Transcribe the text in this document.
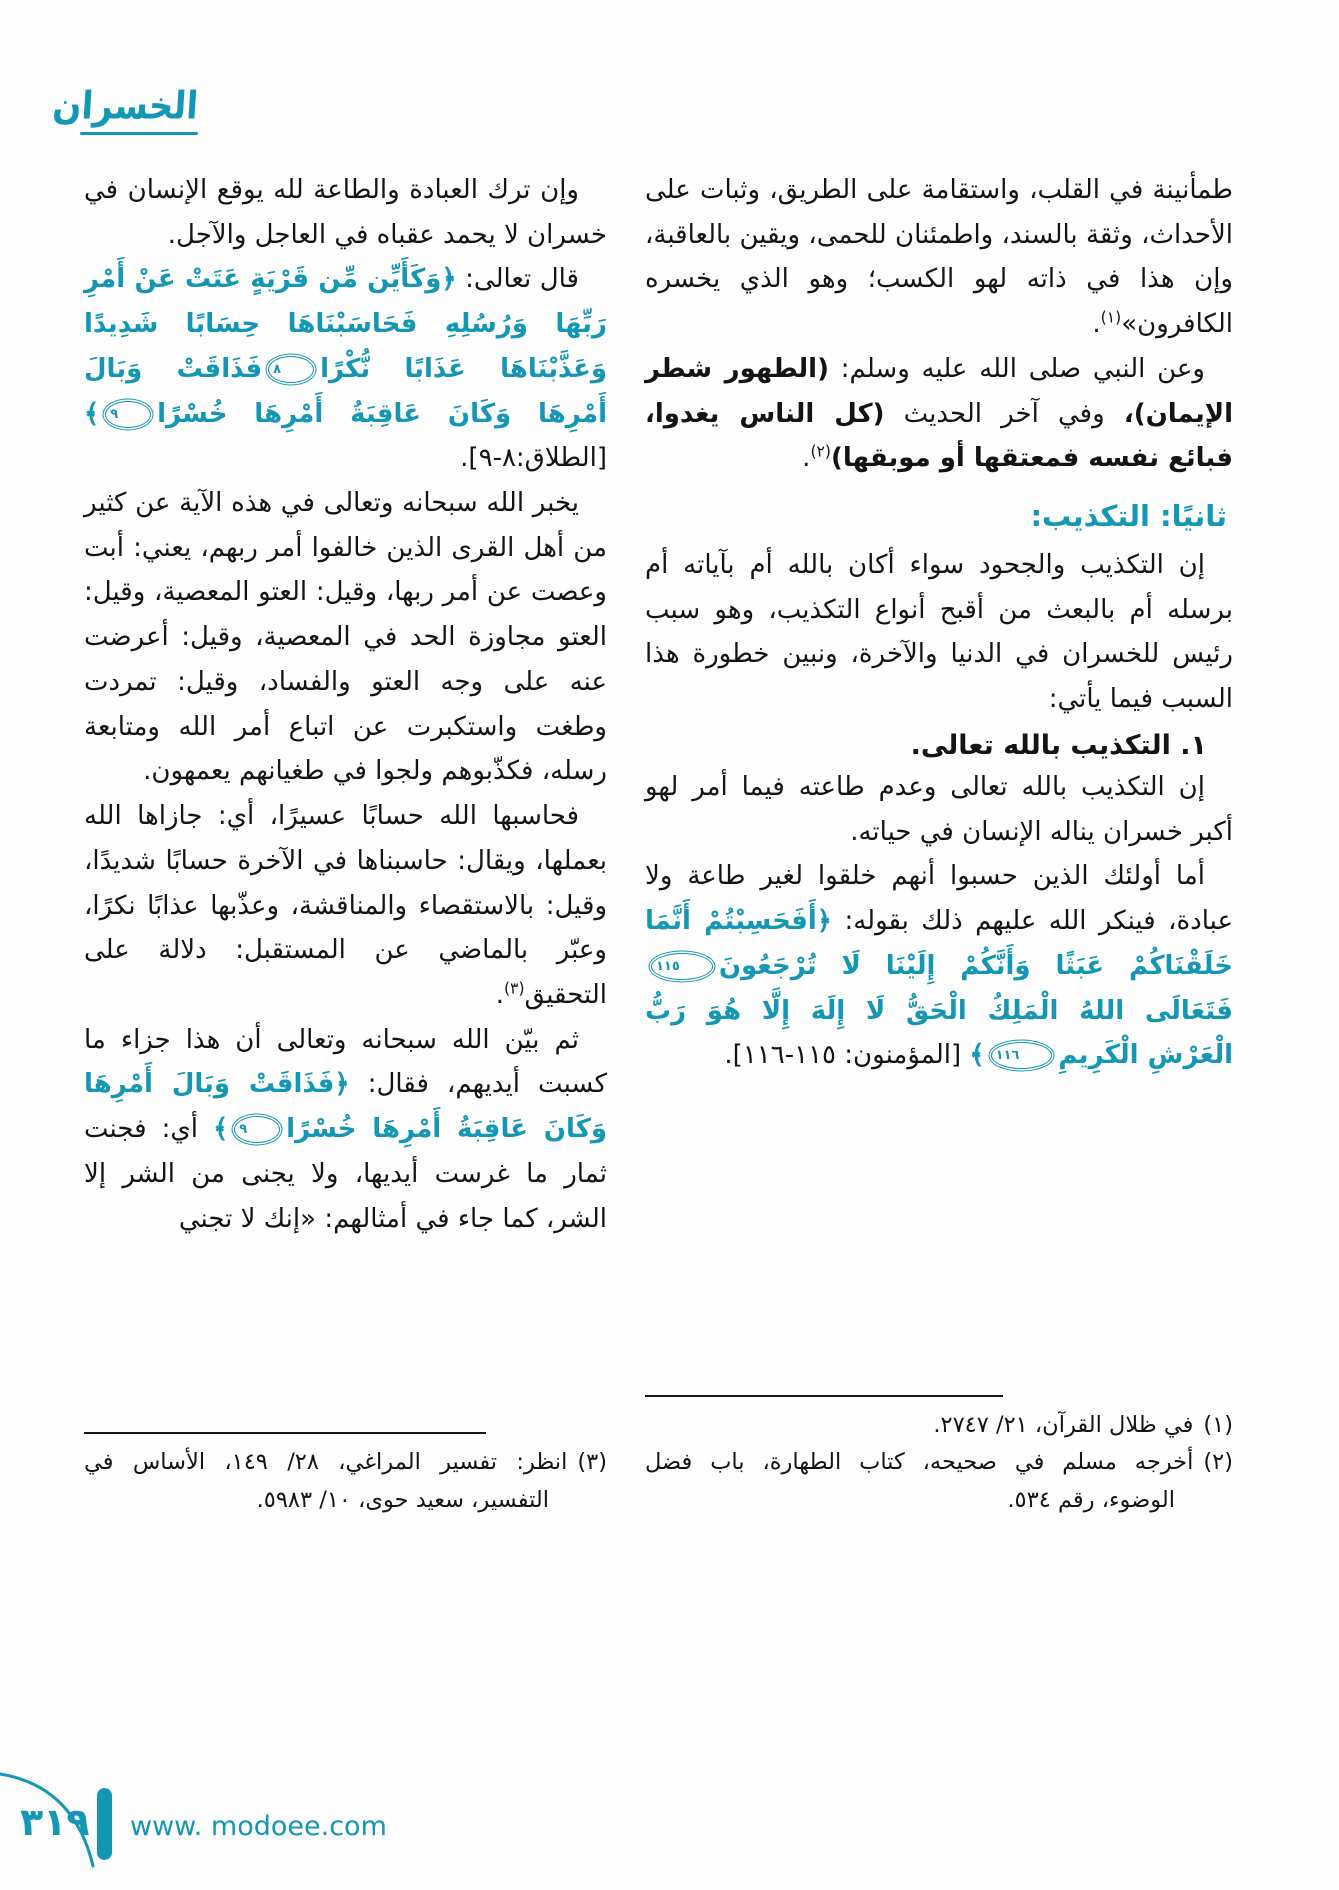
الخسران

طمأنينة في القلب، واستقامة على الطريق، وثبات على الأحداث، وثقة بالسند، واطمئنان للحمى، ويقين بالعاقبة، وإن هذا في ذاته لهو الكسب؛ وهو الذي يخسره الكافرون»$^{(١)}$.

وعن النبي صلى الله عليه وسلم: (الطهور شطر الإيمان)، وفي آخر الحديث (كل الناس يغدوا، فبائع نفسه فمعتقها أو موبقها)$^{(٢)}$.

ثانيًا: التكذيب:

إن التكذيب والجحود سواء أكان بالله أم بآياته أم برسله أم بالبعث من أقبح أنواع التكذيب، وهو سبب رئيس للخسران في الدنيا والآخرة، ونبين خطورة هذا السبب فيما يأتي:

١. التكذيب بالله تعالى.

إن التكذيب بالله تعالى وعدم طاعته فيما أمر لهو أكبر خسران يناله الإنسان في حياته.

أما أولئك الذين حسبوا أنهم خلقوا لغير طاعة ولا عبادة، فينكر الله عليهم ذلك بقوله: ﴿أَفَحَسِبْتُمْ أَنَّمَا خَلَقْنَاكُمْ عَبَثًا وَأَنَّكُمْ إِلَيْنَا لَا تُرْجَعُونَ١١٥فَتَعَالَى اللهُ الْمَلِكُ الْحَقُّ لَا إِلَهَ إِلَّا هُوَ رَبُّ الْعَرْشِ الْكَرِيمِ١١٦﴾ [المؤمنون: ١١٥-١١٦].

(١)في ظلال القرآن، ٢١/ ٢٧٤٧.
(٢)أخرجه مسلم في صحيحه، كتاب الطهارة، باب فضل الوضوء، رقم ٥٣٤.

وإن ترك العبادة والطاعة لله يوقع الإنسان في خسران لا يحمد عقباه في العاجل والآجل.

قال تعالى: ﴿وَكَأَيِّن مِّن قَرْيَةٍ عَتَتْ عَنْ أَمْرِ رَبِّهَا وَرُسُلِهِ فَحَاسَبْنَاهَا حِسَابًا شَدِيدًا وَعَذَّبْنَاهَا عَذَابًا نُّكْرًا٨فَذَاقَتْ وَبَالَ أَمْرِهَا وَكَانَ عَاقِبَةُ أَمْرِهَا خُسْرًا٩﴾ [الطلاق:٨-٩].

يخبر الله سبحانه وتعالى في هذه الآية عن كثير من أهل القرى الذين خالفوا أمر ربهم، يعني: أبت وعصت عن أمر ربها، وقيل: العتو المعصية، وقيل: العتو مجاوزة الحد في المعصية، وقيل: أعرضت عنه على وجه العتو والفساد، وقيل: تمردت وطغت واستكبرت عن اتباع أمر الله ومتابعة رسله، فكذّبوهم ولجوا في طغيانهم يعمهون.

فحاسبها الله حسابًا عسيرًا، أي: جازاها الله بعملها، ويقال: حاسبناها في الآخرة حسابًا شديدًا، وقيل: بالاستقصاء والمناقشة، وعذّبها عذابًا نكرًا، وعبّر بالماضي عن المستقبل: دلالة على التحقيق$^{(٣)}$.

ثم بيّن الله سبحانه وتعالى أن هذا جزاء ما كسبت أيديهم، فقال: ﴿فَذَاقَتْ وَبَالَ أَمْرِهَا وَكَانَ عَاقِبَةُ أَمْرِهَا خُسْرًا٩﴾ أي: فجنت ثمار ما غرست أيديها، ولا يجنى من الشر إلا الشر، كما جاء في أمثالهم: «إنك لا تجني

(٣)انظر: تفسير المراغي، ٢٨/ ١٤٩، الأساس في التفسير، سعيد حوى، ١٠/ ٥٩٨٣.
٣١٩ www. modoee.com
